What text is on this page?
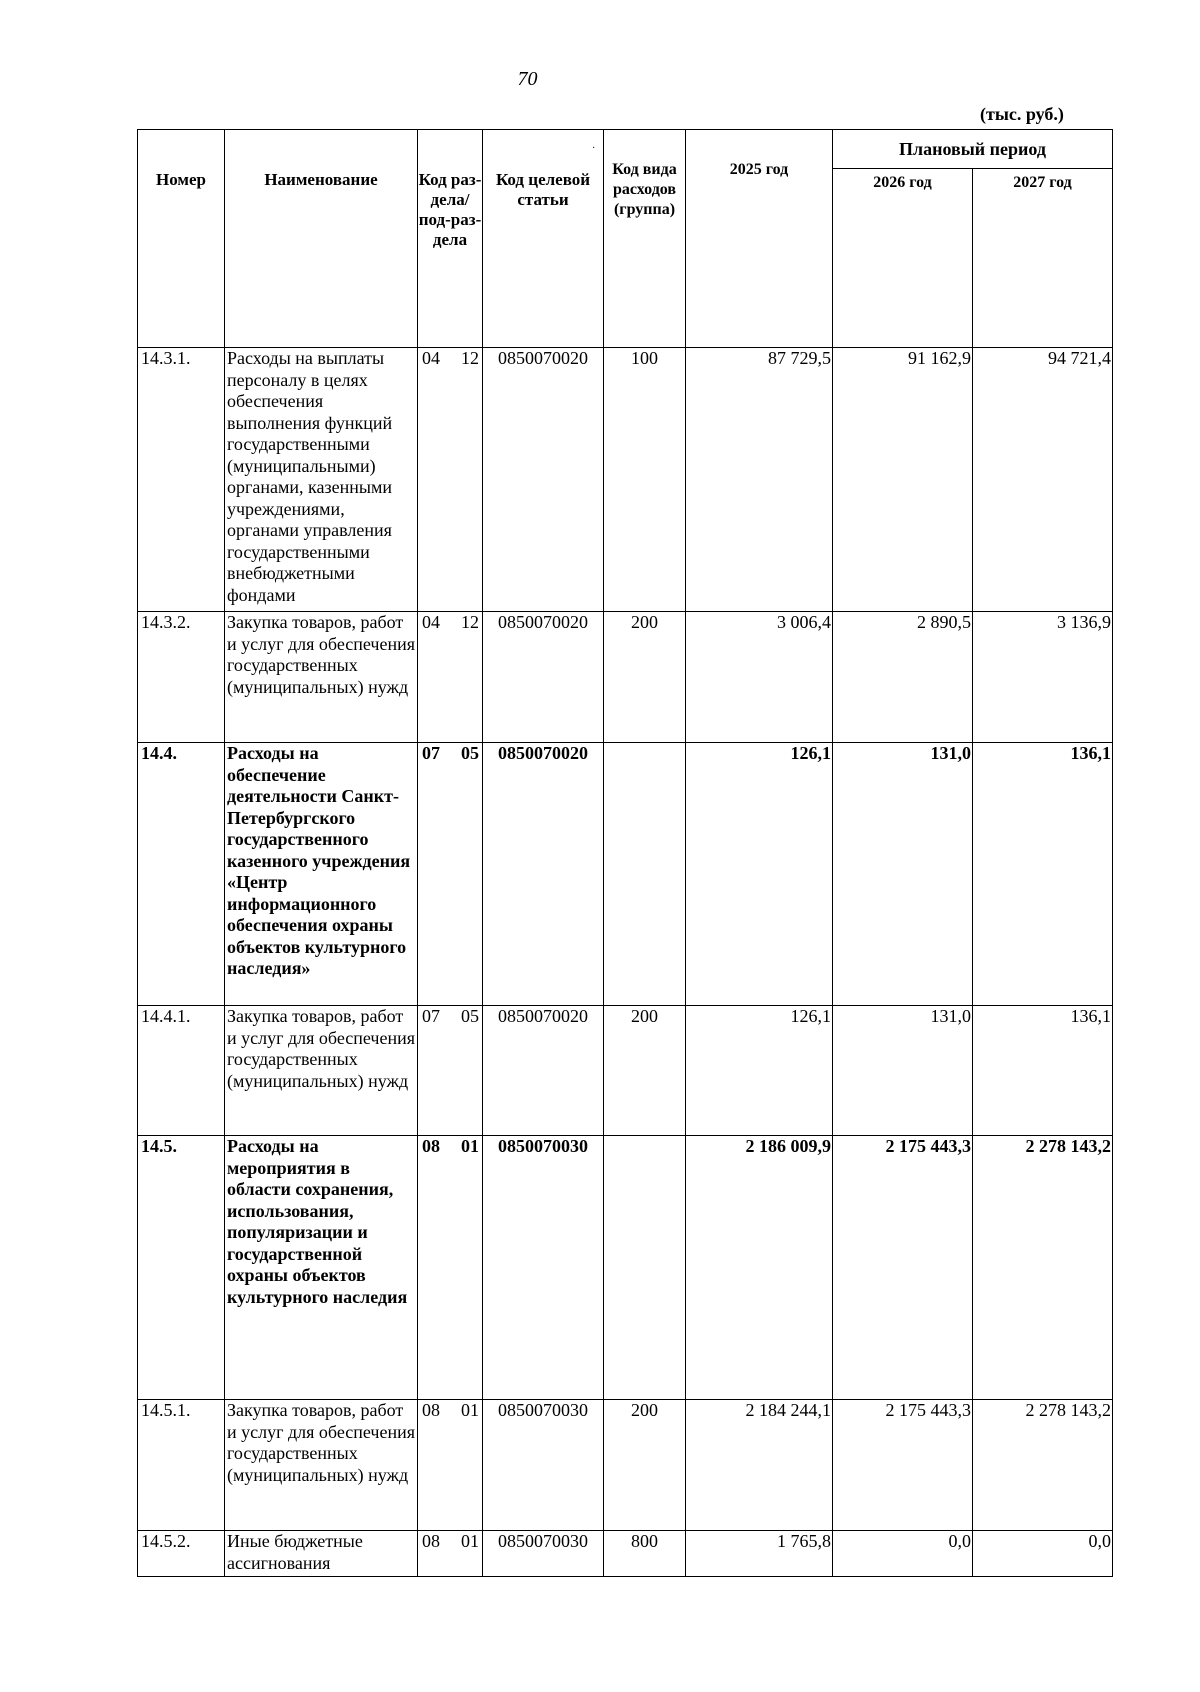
70
(тыс. руб.)
Номер	Наименование	Код раз-дела/ под-раз-дела	Код целевой статьи	Код вида расходов (группа)	2025 год	Плановый период	
						2026 год	2027 год
14.3.1.	Расходы на выплаты персоналу в целях обеспечения выполнения функций государственными (муниципальными) органами, казенными учреждениями, органами управления государственными внебюджетными фондами	04 12	0850070020	100	87 729,5	91 162,9	94 721,4
14.3.2.	Закупка товаров, работ и услуг для обеспечения государственных (муниципальных) нужд	04 12	0850070020	200	3 006,4	2 890,5	3 136,9
14.4.	Расходы на обеспечение деятельности Санкт-Петербургского государственного казенного учреждения «Центр информационного обеспечения охраны объектов культурного наследия»	07 05	0850070020		126,1	131,0	136,1
14.4.1.	Закупка товаров, работ и услуг для обеспечения государственных (муниципальных) нужд	07 05	0850070020	200	126,1	131,0	136,1
14.5.	Расходы на мероприятия в области сохранения, использования, популяризации и государственной охраны объектов культурного наследия	08 01	0850070030		2 186 009,9	2 175 443,3	2 278 143,2
14.5.1.	Закупка товаров, работ и услуг для обеспечения государственных (муниципальных) нужд	08 01	0850070030	200	2 184 244,1	2 175 443,3	2 278 143,2
14.5.2.	Иные бюджетные ассигнования	08 01	0850070030	800	1 765,8	0,0	0,0
·
